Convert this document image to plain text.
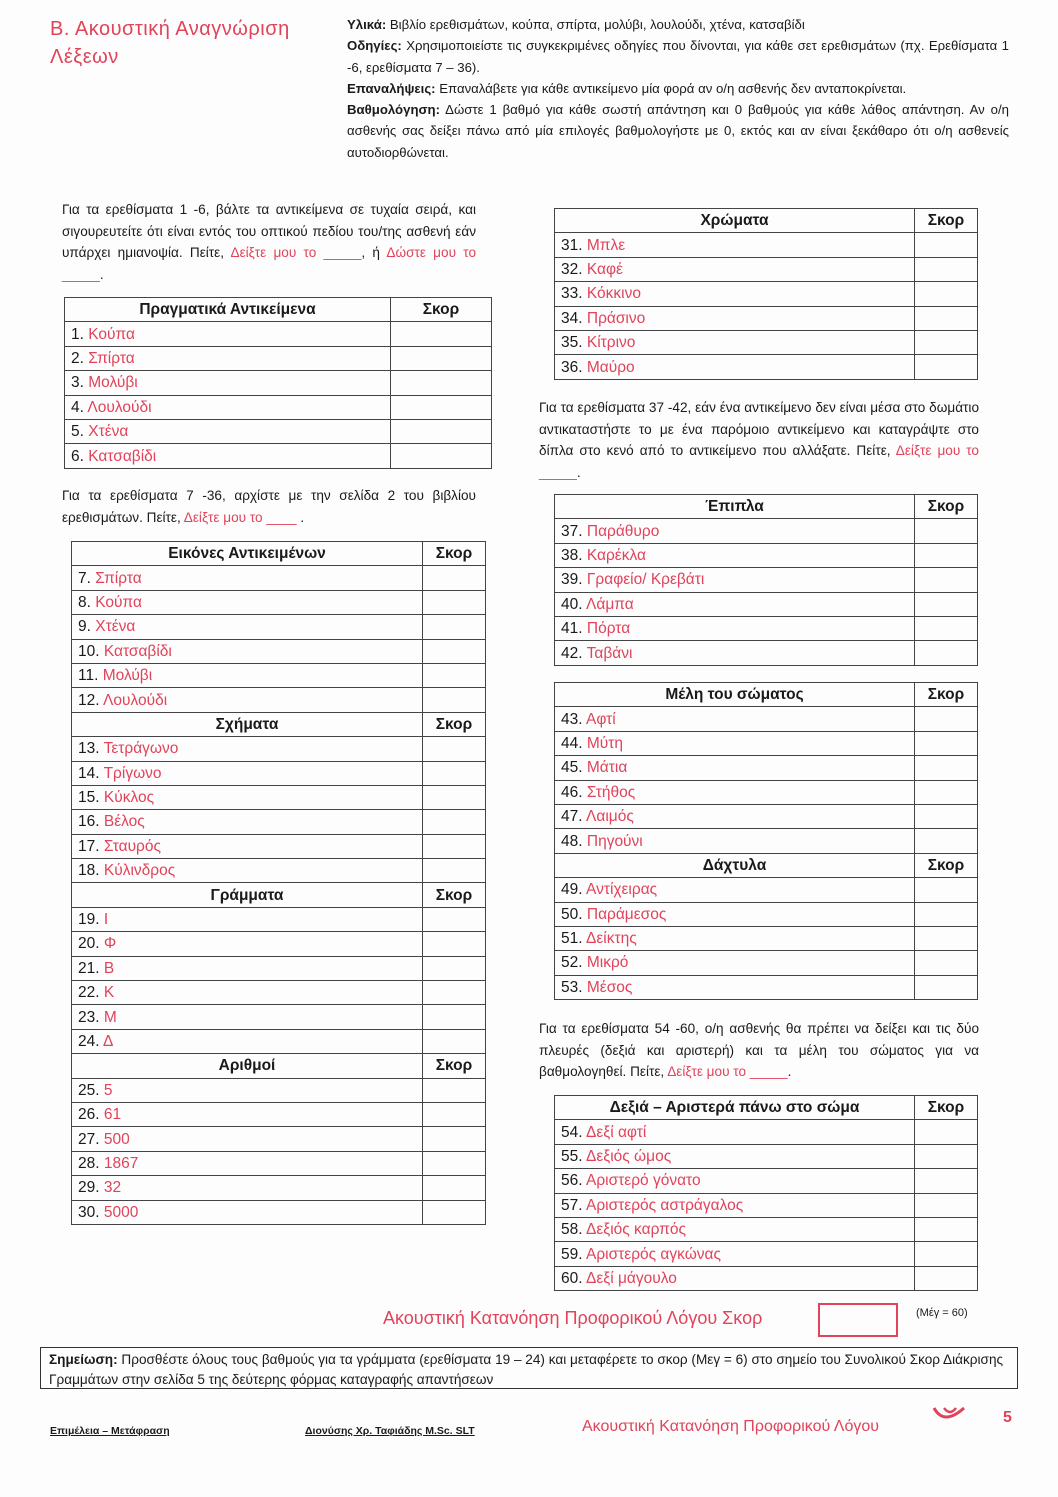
Β. Ακουστική Αναγνώριση Λέξεων

Υλικά: Βιβλίο ερεθισμάτων, κούπα, σπίρτα, μολύβι, λουλούδι, χτένα, κατσαβίδι

Οδηγίες: Χρησιμοποιείστε τις συγκεκριμένες οδηγίες που δίνονται, για κάθε σετ ερεθισμάτων (πχ. Ερεθίσματα 1 -6, ερεθίσματα 7 – 36).

Επαναλήψεις: Επαναλάβετε για κάθε αντικείμενο μία φορά αν ο/η ασθενής δεν ανταποκρίνεται.

Βαθμολόγηση: Δώστε 1 βαθμό για κάθε σωστή απάντηση και 0 βαθμούς για κάθε λάθος απάντηση. Αν ο/η ασθενής σας δείξει πάνω από μία επιλογές βαθμολογήστε με 0, εκτός και αν είναι ξεκάθαρο ότι ο/η ασθενείς αυτοδιορθώνεται.

Για τα ερεθίσματα 1 -6, βάλτε τα αντικείμενα σε τυχαία σειρά, και σιγουρευτείτε ότι είναι εντός του οπτικού πεδίου του/της ασθενή εάν υπάρχει ημιανοψία. Πείτε, Δείξτε μου το _____, ή Δώστε μου το _____.
Για τα ερεθίσματα 7 -36, αρχίστε με την σελίδα 2 του βιβλίου ερεθισμάτων. Πείτε, Δείξτε μου το ____ .
Για τα ερεθίσματα 37 -42, εάν ένα αντικείμενο δεν είναι μέσα στο δωμάτιο αντικαταστήστε το με ένα παρόμοιο αντικείμενο και καταγράψτε στο δίπλα στο κενό από το αντικείμενο που αλλάξατε. Πείτε, Δείξτε μου το _____.
Για τα ερεθίσματα 54 -60, ο/η ασθενής θα πρέπει να δείξει και τις δύο πλευρές (δεξιά και αριστερή) και τα μέλη του σώματος για να βαθμολογηθεί. Πείτε, Δείξτε μου το _____.
Πραγματικά Αντικείμενα	Σκορ
1. Κούπα	
2. Σπίρτα	
3. Μολύβι	
4. Λουλούδι	
5. Χτένα	
6. Κατσαβίδι	
Εικόνες Αντικειμένων	Σκορ
7. Σπίρτα	
8. Κούπα	
9. Χτένα	
10. Κατσαβίδι	
11. Μολύβι	
12. Λουλούδι	
Σχήματα	Σκορ
13. Τετράγωνο	
14. Τρίγωνο	
15. Κύκλος	
16. Βέλος	
17. Σταυρός	
18. Κύλινδρος	
Γράμματα	Σκορ
19. Ι	
20. Φ	
21. Β	
22. Κ	
23. Μ	
24. Δ	
Αριθμοί	Σκορ
25. 5	
26. 61	
27. 500	
28. 1867	
29. 32	
30. 5000	
Χρώματα	Σκορ
31. Μπλε	
32. Καφέ	
33. Κόκκινο	
34. Πράσινο	
35. Κίτρινο	
36. Μαύρο	
Έπιπλα	Σκορ
37. Παράθυρο	
38. Καρέκλα	
39. Γραφείο/ Κρεβάτι	
40. Λάμπα	
41. Πόρτα	
42. Ταβάνι	
Μέλη του σώματος	Σκορ
43. Αφτί	
44. Μύτη	
45. Μάτια	
46. Στήθος	
47. Λαιμός	
48. Πηγούνι	
Δάχτυλα	Σκορ
49. Αντίχειρας	
50. Παράμεσος	
51. Δείκτης	
52. Μικρό	
53. Μέσος	
Δεξιά – Αριστερά πάνω στο σώμα	Σκορ
54. Δεξί αφτί	
55. Δεξιός ώμος	
56. Αριστερό γόνατο	
57. Αριστερός αστράγαλος	
58. Δεξιός καρπός	
59. Αριστερός αγκώνας	
60. Δεξί μάγουλο	
Ακουστική Κατανόηση Προφορικού Λόγου Σκορ	(Μέγ = 60)
Σημείωση: Προσθέστε όλους τους βαθμούς για τα γράμματα (ερεθίσματα 19 – 24) και μεταφέρετε το σκορ (Μεγ = 6) στο σημείο του Συνολικού Σκορ Διάκρισης Γραμμάτων στην σελίδα 5 της δεύτερης φόρμας καταγραφής απαντήσεων
Επιμέλεια – Μετάφραση	Διονύσης Χρ. Ταφιάδης M.Sc. SLT	Ακουστική Κατανόηση Προφορικού Λόγου
5
